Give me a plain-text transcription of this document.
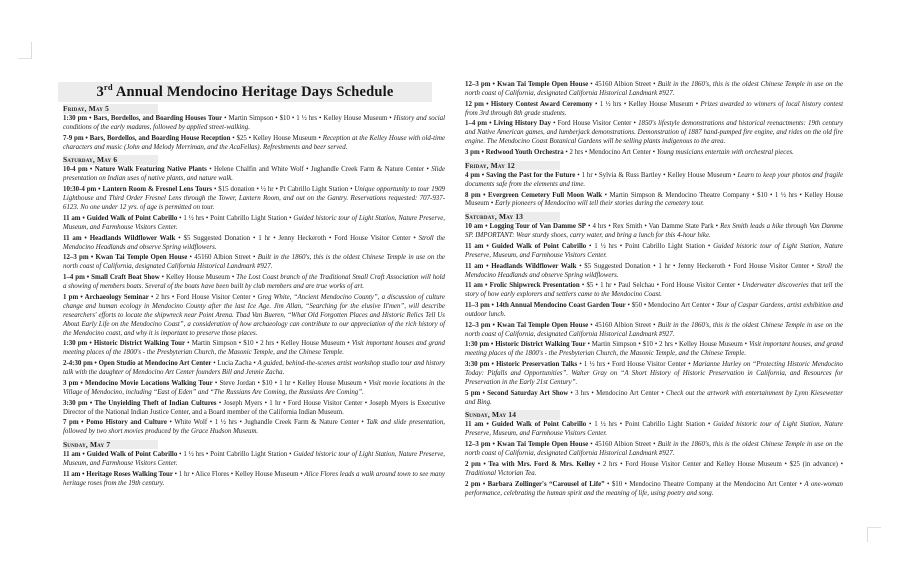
3rd Annual Mendocino Heritage Days Schedule
Friday, May 5

1:30 pm • Bars, Bordellos, and Boarding Houses Tour • Martin Simpson • $10 • 1 ½ hrs • Kelley House Museum • History and social conditions of the early madams, followed by applied street-walking.

7-9 pm • Bars, Bordellos, and Boarding House Reception • $25 • Kelley House Museum • Reception at the Kelley House with old-time characters and music (John and Melody Merriman, and the AcaFellas). Refreshments and beer served.

Saturday, May 6

10-4 pm • Nature Walk Featuring Native Plants • Helene Chalfin and White Wolf • Jughandle Creek Farm & Nature Center • Slide presentation on Indian uses of native plants, and nature walk.

10:30-4 pm • Lantern Room & Fresnel Lens Tours • $15 donation • ½ hr • Pt Cabrillo Light Station • Unique opportunity to tour 1909 Lighthouse and Third Order Fresnel Lens through the Tower, Lantern Room, and out on the Gantry. Reservations requested: 707-937-6123. No one under 12 yrs. of age is permitted on tour.

11 am • Guided Walk of Point Cabrillo • 1 ½ hrs • Point Cabrillo Light Station • Guided historic tour of Light Station, Nature Preserve, Museum, and Farmhouse Visitors Center.

11 am • Headlands Wildflower Walk • $5 Suggested Donation • 1 hr • Jenny Heckeroth • Ford House Visitor Center • Stroll the Mendocino Headlands and observe Spring wildflowers.

12–3 pm • Kwan Tai Temple Open House • 45160 Albion Street • Built in the 1860's, this is the oldest Chinese Temple in use on the north coast of California, designated California Historical Landmark #927.

1–4 pm • Small Craft Boat Show • Kelley House Museum • The Lost Coast branch of the Traditional Small Craft Association will hold a showing of members boats. Several of the boats have been built by club members and are true works of art.

1 pm • Archaeology Seminar • 2 hrs • Ford House Visitor Center • Greg White, “Ancient Mendocino County”, a discussion of culture change and human ecology in Mendocino County after the last Ice Age. Jim Allan, “Searching for the elusive Il'men”, will describe researchers' efforts to locate the shipwreck near Point Arena. Thad Van Bueren, “What Old Forgotten Places and Historic Relics Tell Us About Early Life on the Mendocino Coast”, a consideration of how archaeology can contribute to our appreciation of the rich history of the Mendocino coast, and why it is important to preserve those places.

1:30 pm • Historic District Walking Tour • Martin Simpson • $10 • 2 hrs • Kelley House Museum • Visit important houses and grand meeting places of the 1800's - the Presbyterian Church, the Masonic Temple, and the Chinese Temple.

2-4:30 pm • Open Studio at Mendocino Art Center • Lucia Zacha • A guided, behind-the-scenes artist workshop studio tour and history talk with the daughter of Mendocino Art Center founders Bill and Jennie Zacha.

3 pm • Mendocino Movie Locations Walking Tour • Steve Jordan • $10 • 1 hr • Kelley House Museum • Visit movie locations in the Village of Mendocino, including “East of Eden” and “The Russians Are Coming, the Russians Are Coming”.

3:30 pm • The Unyielding Theft of Indian Cultures • Joseph Myers • 1 hr • Ford House Visitor Center • Joseph Myers is Executive Director of the National Indian Justice Center, and a Board member of the California Indian Museum.

7 pm • Pomo History and Culture • White Wolf • 1 ½ hrs • Jughandle Creek Farm & Nature Center • Talk and slide presentation, followed by two short movies produced by the Grace Hudson Museum.

Sunday, May 7

11 am • Guided Walk of Point Cabrillo • 1 ½ hrs • Point Cabrillo Light Station • Guided historic tour of Light Station, Nature Preserve, Museum, and Farmhouse Visitors Center.

11 am • Heritage Roses Walking Tour • 1 hr • Alice Flores • Kelley House Museum • Alice Flores leads a walk around town to see many heritage roses from the 19th century.

12–3 pm • Kwan Tai Temple Open House • 45160 Albion Street • Built in the 1860's, this is the oldest Chinese Temple in use on the north coast of California, designated California Historical Landmark #927.

12 pm • History Contest Award Ceremony • 1 ½ hrs • Kelley House Museum • Prizes awarded to winners of local history contest from 3rd through 8th grade students.

1–4 pm • Living History Day • Ford House Visitor Center • 1850's lifestyle demonstrations and historical reenactments: 19th century and Native American games, and lumberjack demonstrations. Demonstration of 1887 hand-pumped fire engine, and rides on the old fire engine. The Mendocino Coast Botanical Gardens will be selling plants indigenous to the area.

3 pm • Redwood Youth Orchestra • 2 hrs • Mendocino Art Center • Young musicians entertain with orchestral pieces.

Friday, May 12

4 pm • Saving the Past for the Future • 1 hr • Sylvia & Russ Bartley • Kelley House Museum • Learn to keep your photos and fragile documents safe from the elements and time.

8 pm • Evergreen Cemetery Full Moon Walk • Martin Simpson & Mendocino Theatre Company • $10 • 1 ½ hrs • Kelley House Museum • Early pioneers of Mendocino will tell their stories during the cemetery tour.

Saturday, May 13

10 am • Logging Tour of Van Damme SP • 4 hrs • Rex Smith • Van Damme State Park • Rex Smith leads a hike through Van Damme SP. IMPORTANT: Wear sturdy shoes, carry water, and bring a lunch for this 4-hour hike.

11 am • Guided Walk of Point Cabrillo • 1 ½ hrs • Point Cabrillo Light Station • Guided historic tour of Light Station, Nature Preserve, Museum, and Farmhouse Visitors Center.

11 am • Headlands Wildflower Walk • $5 Suggested Donation • 1 hr • Jenny Heckeroth • Ford House Visitor Center • Stroll the Mendocino Headlands and observe Spring wildflowers.

11 am • Frolic Shipwreck Presentation • $5 • 1 hr • Paul Selchau • Ford House Visitor Center • Underwater discoveries that tell the story of how early explorers and settlers came to the Mendocino Coast.

11–3 pm • 14th Annual Mendocino Coast Garden Tour • $50 • Mendocino Art Center • Tour of Caspar Gardens, artist exhibition and outdoor lunch.

12–3 pm • Kwan Tai Temple Open House • 45160 Albion Street • Built in the 1860's, this is the oldest Chinese Temple in use on the north coast of California, designated California Historical Landmark #927.

1:30 pm • Historic District Walking Tour • Martin Simpson • $10 • 2 hrs • Kelley House Museum • Visit important houses, and grand meeting places of the 1800's - the Presbyterian Church, the Masonic Temple, and the Chinese Temple.

3:30 pm • Historic Preservation Talks • 1 ½ hrs • Ford House Visitor Center • Marianne Hurley on “Protecting Historic Mendocino Today: Pitfalls and Opportunities”. Walter Gray on “A Short History of Historic Preservation in California, and Resources for Preservation in the Early 21st Century”.

5 pm • Second Saturday Art Show • 3 hrs • Mendocino Art Center • Check out the artwork with entertainment by Lynn Kiesewetter and Bing.

Sunday, May 14

11 am • Guided Walk of Point Cabrillo • 1 ½ hrs • Point Cabrillo Light Station • Guided historic tour of Light Station, Nature Preserve, Museum, and Farmhouse Visitors Center.

12–3 pm • Kwan Tai Temple Open House • 45160 Albion Street • Built in the 1860's, this is the oldest Chinese Temple in use on the north coast of California, designated California Historical Landmark #927.

2 pm • Tea with Mrs. Ford & Mrs. Kelley • 2 hrs • Ford House Visitor Center and Kelley House Museum • $25 (in advance) • Traditional Victorian Tea.

2 pm • Barbara Zollinger's “Carousel of Life” • $10 • Mendocino Theatre Company at the Mendocino Art Center • A one-woman performance, celebrating the human spirit and the meaning of life, using poetry and song.
